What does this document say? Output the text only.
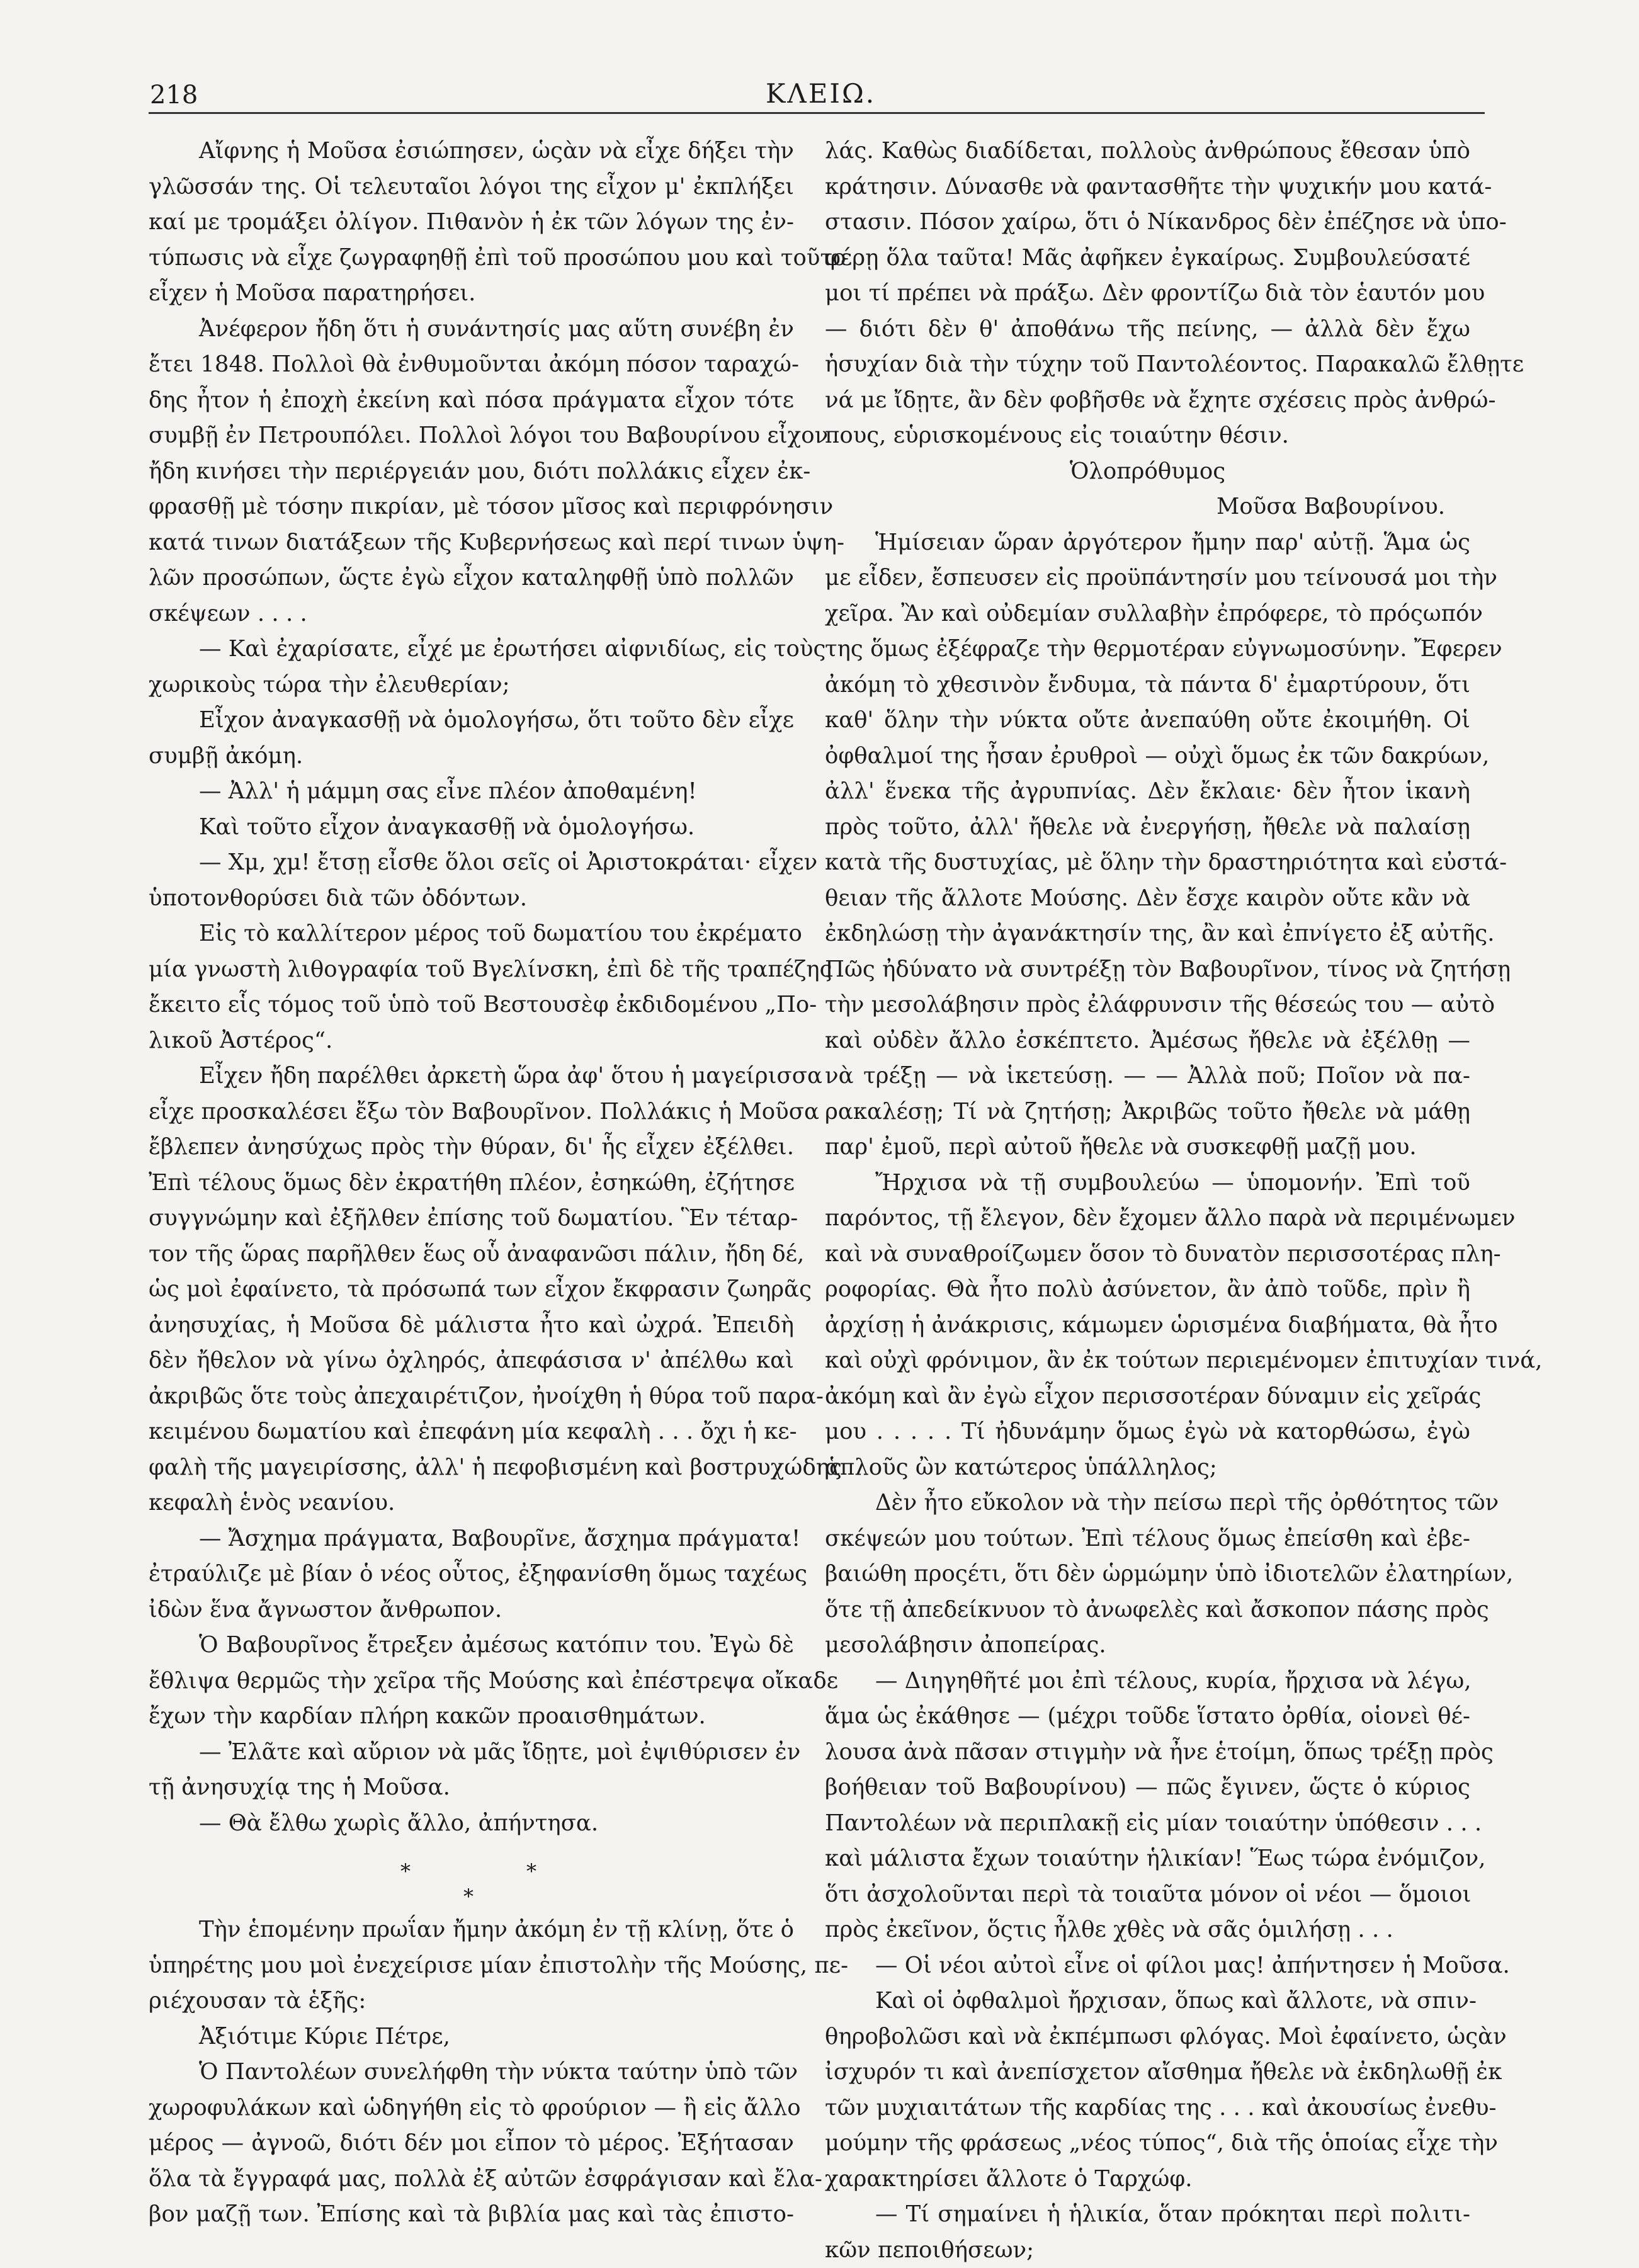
218	ΚΛΕΙΩ.
Αἴφνης ἡ Μοῦσα ἐσιώπησεν, ὡςὰν νὰ εἶχε δήξει τὴν
γλῶσσάν της. Οἱ τελευταῖοι λόγοι της εἶχον μ' ἐκπλήξει
καί με τρομάξει ὀλίγον. Πιθανὸν ἡ ἐκ τῶν λόγων της ἐν-
τύπωσις νὰ εἶχε ζωγραφηθῇ ἐπὶ τοῦ προσώπου μου καὶ τοῦτο
εἶχεν ἡ Μοῦσα παρατηρήσει.
Ἀνέφερον ἤδη ὅτι ἡ συνάντησίς μας αὕτη συνέβη ἐν
ἔτει 1848. Πολλοὶ θὰ ἐνθυμοῦνται ἀκόμη πόσον ταραχώ-
δης ἦτον ἡ ἐποχὴ ἐκείνη καὶ πόσα πράγματα εἶχον τότε
συμβῇ ἐν Πετρουπόλει. Πολλοὶ λόγοι του Βαβουρίνου εἶχον
ἤδη κινήσει τὴν περιέργειάν μου, διότι πολλάκις εἶχεν ἐκ-
φρασθῇ μὲ τόσην πικρίαν, μὲ τόσον μῖσος καὶ περιφρόνησιν
κατά τινων διατάξεων τῆς Κυβερνήσεως καὶ περί τινων ὑψη-
λῶν προσώπων, ὥςτε ἐγὼ εἶχον καταληφθῇ ὑπὸ πολλῶν
σκέψεων . . . .
— Καὶ ἐχαρίσατε, εἶχέ με ἐρωτήσει αἰφνιδίως, εἰς τοὺς
χωρικοὺς τώρα τὴν ἐλευθερίαν;
Εἶχον ἀναγκασθῇ νὰ ὁμολογήσω, ὅτι τοῦτο δὲν εἶχε
συμβῇ ἀκόμη.
— Ἀλλ' ἡ μάμμη σας εἶνε πλέον ἀποθαμένη!
Καὶ τοῦτο εἶχον ἀναγκασθῇ νὰ ὁμολογήσω.
— Χμ, χμ! ἔτσῃ εἶσθε ὅλοι σεῖς οἱ Ἀριστοκράται· εἶχεν
ὑποτονθορύσει διὰ τῶν ὀδόντων.
Εἰς τὸ καλλίτερον μέρος τοῦ δωματίου του ἐκρέματο
μία γνωστὴ λιθογραφία τοῦ Βγελίνσκη, ἐπὶ δὲ τῆς τραπέζης
ἔκειτο εἷς τόμος τοῦ ὑπὸ τοῦ Βεστουσὲφ ἐκδιδομένου „Πο-
λικοῦ Ἀστέρος“.
Εἶχεν ἤδη παρέλθει ἀρκετὴ ὥρα ἀφ' ὅτου ἡ μαγείρισσα
εἶχε προσκαλέσει ἔξω τὸν Βαβουρῖνον. Πολλάκις ἡ Μοῦσα
ἔβλεπεν ἀνησύχως πρὸς τὴν θύραν, δι' ἧς εἶχεν ἐξέλθει.
Ἐπὶ τέλους ὅμως δὲν ἐκρατήθη πλέον, ἐσηκώθη, ἐζήτησε
συγγνώμην καὶ ἐξῆλθεν ἐπίσης τοῦ δωματίου. Ἓν τέταρ-
τον τῆς ὥρας παρῆλθεν ἕως οὗ ἀναφανῶσι πάλιν, ἤδη δέ,
ὡς μοὶ ἐφαίνετο, τὰ πρόσωπά των εἶχον ἔκφρασιν ζωηρᾶς
ἀνησυχίας, ἡ Μοῦσα δὲ μάλιστα ἦτο καὶ ὠχρά. Ἐπειδὴ
δὲν ἤθελον νὰ γίνω ὀχληρός, ἀπεφάσισα ν' ἀπέλθω καὶ
ἀκριβῶς ὅτε τοὺς ἀπεχαιρέτιζον, ἠνοίχθη ἡ θύρα τοῦ παρα-
κειμένου δωματίου καὶ ἐπεφάνη μία κεφαλὴ . . . ὄχι ἡ κε-
φαλὴ τῆς μαγειρίσσης, ἀλλ' ἡ πεφοβισμένη καὶ βοστρυχώδης
κεφαλὴ ἑνὸς νεανίου.
— Ἄσχημα πράγματα, Βαβουρῖνε, ἄσχημα πράγματα!
ἐτραύλιζε μὲ βίαν ὁ νέος οὗτος, ἐξηφανίσθη ὅμως ταχέως
ἰδὼν ἕνα ἄγνωστον ἄνθρωπον.
Ὁ Βαβουρῖνος ἔτρεξεν ἀμέσως κατόπιν του. Ἐγὼ δὲ
ἔθλιψα θερμῶς τὴν χεῖρα τῆς Μούσης καὶ ἐπέστρεψα οἴκαδε
ἔχων τὴν καρδίαν πλήρη κακῶν προαισθημάτων.
— Ἐλᾶτε καὶ αὔριον νὰ μᾶς ἴδῃτε, μοὶ ἐψιθύρισεν ἐν
τῇ ἀνησυχίᾳ της ἡ Μοῦσα.
— Θὰ ἔλθω χωρὶς ἄλλο, ἀπήντησα.
*
*
*
Τὴν ἑπομένην πρωΐαν ἤμην ἀκόμη ἐν τῇ κλίνῃ, ὅτε ὁ
ὑπηρέτης μου μοὶ ἐνεχείρισε μίαν ἐπιστολὴν τῆς Μούσης, πε-
ριέχουσαν τὰ ἑξῆς:
Ἀξιότιμε Κύριε Πέτρε,
Ὁ Παντολέων συνελήφθη τὴν νύκτα ταύτην ὑπὸ τῶν
χωροφυλάκων καὶ ὡδηγήθη εἰς τὸ φρούριον — ἢ εἰς ἄλλο
μέρος — ἀγνοῶ, διότι δέν μοι εἶπον τὸ μέρος. Ἐξήτασαν
ὅλα τὰ ἔγγραφά μας, πολλὰ ἐξ αὐτῶν ἐσφράγισαν καὶ ἔλα-
βον μαζῇ των. Ἐπίσης καὶ τὰ βιβλία μας καὶ τὰς ἐπιστο-
λάς. Καθὼς διαδίδεται, πολλοὺς ἀνθρώπους ἔθεσαν ὑπὸ
κράτησιν. Δύνασθε νὰ φαντασθῆτε τὴν ψυχικήν μου κατά-
στασιν. Πόσον χαίρω, ὅτι ὁ Νίκανδρος δὲν ἐπέζησε νὰ ὑπο-
φέρῃ ὅλα ταῦτα! Μᾶς ἀφῆκεν ἐγκαίρως. Συμβουλεύσατέ
μοι τί πρέπει νὰ πράξω. Δὲν φροντίζω διὰ τὸν ἑαυτόν μου
— διότι δὲν θ' ἀποθάνω τῆς πείνης, — ἀλλὰ δὲν ἔχω
ἡσυχίαν διὰ τὴν τύχην τοῦ Παντολέοντος. Παρακαλῶ ἔλθῃτε
νά με ἴδῃτε, ἂν δὲν φοβῆσθε νὰ ἔχητε σχέσεις πρὸς ἀνθρώ-
πους, εὑρισκομένους εἰς τοιαύτην θέσιν.
Ὁλοπρόθυμος
Μοῦσα Βαβουρίνου.
Ἡμίσειαν ὥραν ἀργότερον ἤμην παρ' αὐτῇ. Ἅμα ὡς
με εἶδεν, ἔσπευσεν εἰς προϋπάντησίν μου τείνουσά μοι τὴν
χεῖρα. Ἂν καὶ οὐδεμίαν συλλαβὴν ἐπρόφερε, τὸ πρόςωπόν
της ὅμως ἐξέφραζε τὴν θερμοτέραν εὐγνωμοσύνην. Ἔφερεν
ἀκόμη τὸ χθεσινὸν ἔνδυμα, τὰ πάντα δ' ἐμαρτύρουν, ὅτι
καθ' ὅλην τὴν νύκτα οὔτε ἀνεπαύθη οὔτε ἐκοιμήθη. Οἱ
ὀφθαλμοί της ἦσαν ἐρυθροὶ — οὐχὶ ὅμως ἐκ τῶν δακρύων,
ἀλλ' ἕνεκα τῆς ἀγρυπνίας. Δὲν ἔκλαιε· δὲν ἦτον ἱκανὴ
πρὸς τοῦτο, ἀλλ' ἤθελε νὰ ἐνεργήσῃ, ἤθελε νὰ παλαίσῃ
κατὰ τῆς δυστυχίας, μὲ ὅλην τὴν δραστηριότητα καὶ εὐστά-
θειαν τῆς ἄλλοτε Μούσης. Δὲν ἔσχε καιρὸν οὔτε κἂν νὰ
ἐκδηλώσῃ τὴν ἀγανάκτησίν της, ἂν καὶ ἐπνίγετο ἐξ αὐτῆς.
Πῶς ἠδύνατο νὰ συντρέξῃ τὸν Βαβουρῖνον, τίνος νὰ ζητήσῃ
τὴν μεσολάβησιν πρὸς ἐλάφρυνσιν τῆς θέσεώς του — αὐτὸ
καὶ οὐδὲν ἄλλο ἐσκέπτετο. Ἀμέσως ἤθελε νὰ ἐξέλθῃ —
νὰ τρέξῃ — νὰ ἱκετεύσῃ. — — Ἀλλὰ ποῦ; Ποῖον νὰ πα-
ρακαλέσῃ; Τί νὰ ζητήσῃ; Ἀκριβῶς τοῦτο ἤθελε νὰ μάθῃ
παρ' ἐμοῦ, περὶ αὐτοῦ ἤθελε νὰ συσκεφθῇ μαζῇ μου.
Ἤρχισα νὰ τῇ συμβουλεύω — ὑπομονήν. Ἐπὶ τοῦ
παρόντος, τῇ ἔλεγον, δὲν ἔχομεν ἄλλο παρὰ νὰ περιμένωμεν
καὶ νὰ συναθροίζωμεν ὅσον τὸ δυνατὸν περισσοτέρας πλη-
ροφορίας. Θὰ ἦτο πολὺ ἀσύνετον, ἂν ἀπὸ τοῦδε, πρὶν ἢ
ἀρχίσῃ ἡ ἀνάκρισις, κάμωμεν ὡρισμένα διαβήματα, θὰ ἦτο
καὶ οὐχὶ φρόνιμον, ἂν ἐκ τούτων περιεμένομεν ἐπιτυχίαν τινά,
ἀκόμη καὶ ἂν ἐγὼ εἶχον περισσοτέραν δύναμιν εἰς χεῖράς
μου . . . . . Τί ἠδυνάμην ὅμως ἐγὼ νὰ κατορθώσω, ἐγὼ
ἁπλοῦς ὢν κατώτερος ὑπάλληλος;
Δὲν ἦτο εὔκολον νὰ τὴν πείσω περὶ τῆς ὀρθότητος τῶν
σκέψεών μου τούτων. Ἐπὶ τέλους ὅμως ἐπείσθη καὶ ἐβε-
βαιώθη προςέτι, ὅτι δὲν ὡρμώμην ὑπὸ ἰδιοτελῶν ἐλατηρίων,
ὅτε τῇ ἀπεδείκνυον τὸ ἀνωφελὲς καὶ ἄσκοπον πάσης πρὸς
μεσολάβησιν ἀποπείρας.
— Διηγηθῆτέ μοι ἐπὶ τέλους, κυρία, ἤρχισα νὰ λέγω,
ἅμα ὡς ἐκάθησε — (μέχρι τοῦδε ἵστατο ὀρθία, οἱονεὶ θέ-
λουσα ἀνὰ πᾶσαν στιγμὴν νὰ ἦνε ἑτοίμη, ὅπως τρέξῃ πρὸς
βοήθειαν τοῦ Βαβουρίνου) — πῶς ἔγινεν, ὥςτε ὁ κύριος
Παντολέων νὰ περιπλακῇ εἰς μίαν τοιαύτην ὑπόθεσιν . . .
καὶ μάλιστα ἔχων τοιαύτην ἡλικίαν! Ἕως τώρα ἐνόμιζον,
ὅτι ἀσχολοῦνται περὶ τὰ τοιαῦτα μόνον οἱ νέοι — ὅμοιοι
πρὸς ἐκεῖνον, ὅςτις ἦλθε χθὲς νὰ σᾶς ὁμιλήσῃ . . .
— Οἱ νέοι αὐτοὶ εἶνε οἱ φίλοι μας! ἀπήντησεν ἡ Μοῦσα.
Καὶ οἱ ὀφθαλμοὶ ἤρχισαν, ὅπως καὶ ἄλλοτε, νὰ σπιν-
θηροβολῶσι καὶ νὰ ἐκπέμπωσι φλόγας. Μοὶ ἐφαίνετο, ὡςὰν
ἰσχυρόν τι καὶ ἀνεπίσχετον αἴσθημα ἤθελε νὰ ἐκδηλωθῇ ἐκ
τῶν μυχιαιτάτων τῆς καρδίας της . . . καὶ ἀκουσίως ἐνεθυ-
μούμην τῆς φράσεως „νέος τύπος“, διὰ τῆς ὁποίας εἶχε τὴν
χαρακτηρίσει ἄλλοτε ὁ Ταρχώφ.
— Τί σημαίνει ἡ ἡλικία, ὅταν πρόκηται περὶ πολιτι-
κῶν πεποιθήσεων;
